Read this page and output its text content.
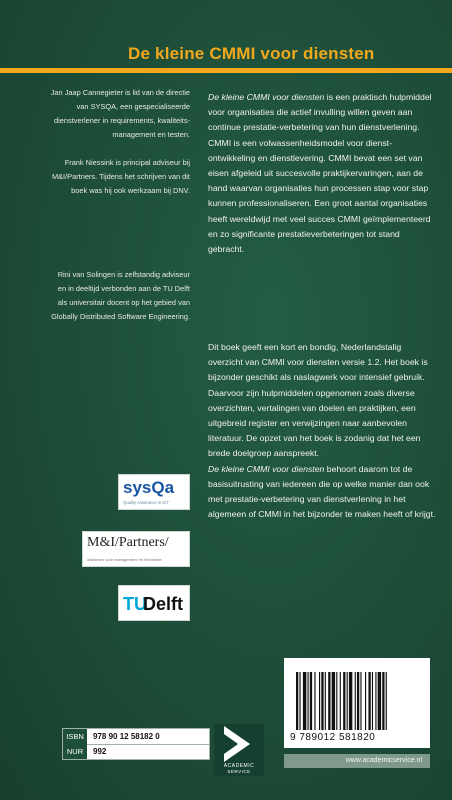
De kleine CMMI voor diensten
Jan Jaap Cannegieter is lid van de directie van SYSQA, een gespecialiseerde dienstverlener in requirements, kwaliteits-management en testen.
Frank Niessink is principal adviseur bij M&I/Partners. Tijdens het schrijven van dit boek was hij ook werkzaam bij DNV.
Rini van Solingen is zelfstandig adviseur en in deeltijd verbonden aan de TU Delft als universitair docent op het gebied van Globally Distributed Software Engineering.
De kleine CMMI voor diensten is een praktisch hulpmiddel voor organisaties die actief invulling willen geven aan continue prestatie-verbetering van hun dienstverlening. CMMI is een volwassenheidsmodel voor dienst-ontwikkeling en dienstlevering. CMMI bevat een set van eisen afgeleid uit succesvolle praktijkervaringen, aan de hand waarvan organisaties hun processen stap voor stap kunnen professionaliseren. Een groot aantal organisaties heeft wereldwijd met veel succes CMMI geïmplementeerd en zo significante prestatieverbeteringen tot stand gebracht.
Dit boek geeft een kort en bondig, Nederlandstalig overzicht van CMMI voor diensten versie 1.2. Het boek is bijzonder geschikt als naslagwerk voor intensief gebruik. Daarvoor zijn hulpmiddelen opgenomen zoals diverse overzichten, vertalingen van doelen en praktijken, een uitgebreid register en verwijzingen naar aanbevolen literatuur. De opzet van het boek is zodanig dat het een brede doelgroep aanspreekt.
De kleine CMMI voor diensten behoort daarom tot de basisuitrusting van iedereen die op welke manier dan ook met prestatie-verbetering van dienstverlening in het algemeen of CMMI in het bijzonder te maken heeft of krijgt.
sysQa
Quality Assurance in ICT
M&I/Partners/
adviseurs voor management en informatie
TU
Delft
ISBN	978 90 12 58182 0
NUR	992
ACADEMIC
SERVICE
9 789012 581820
www.academicservice.nl
